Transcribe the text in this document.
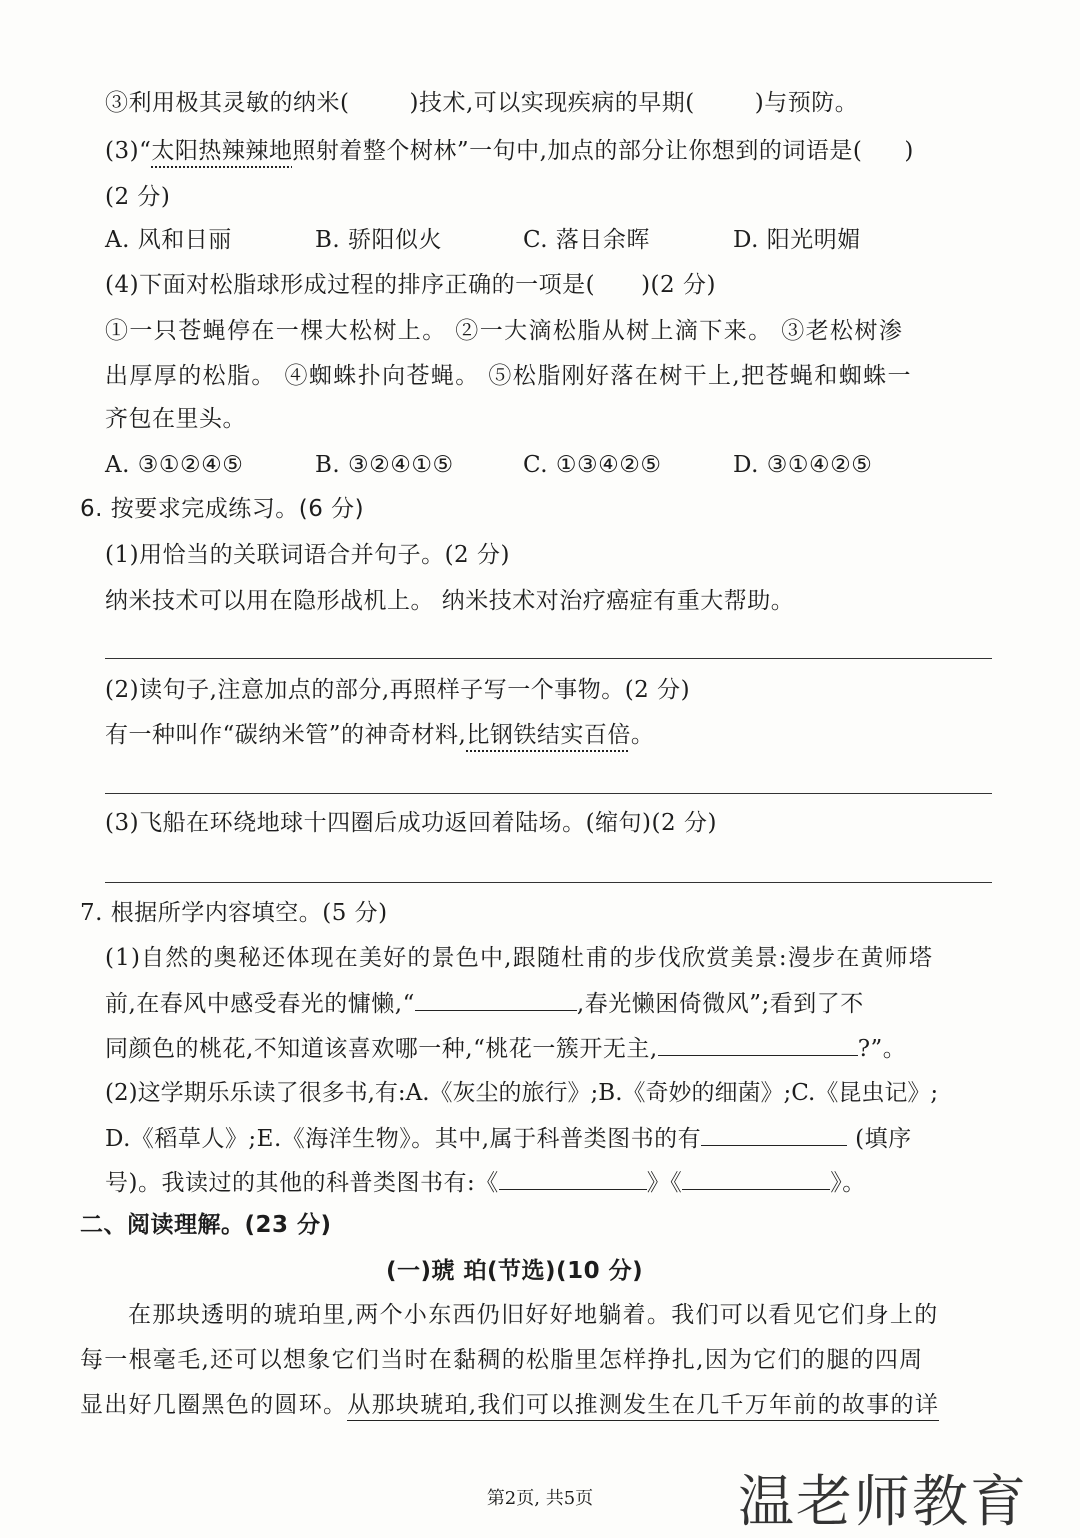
③利用极其灵敏的纳米(	)技术,可以实现疾病的早期(	)与预防。
(3)“太阳热辣辣地照射着整个树林”一句中,加点的部分让你想到的词语是( )
(2 分)
A. 风和日丽	B. 骄阳似火	C. 落日余晖	D. 阳光明媚
(4)下面对松脂球形成过程的排序正确的一项是( )(2 分)
①一只苍蝇停在一棵大松树上。 ②一大滴松脂从树上滴下来。 ③老松树渗
出厚厚的松脂。 ④蜘蛛扑向苍蝇。 ⑤松脂刚好落在树干上,把苍蝇和蜘蛛一
齐包在里头。
A. ③①②④⑤	B. ③②④①⑤	C. ①③④②⑤	D. ③①④②⑤
6. 按要求完成练习。(6 分)
(1)用恰当的关联词语合并句子。(2 分)
纳米技术可以用在隐形战机上。 纳米技术对治疗癌症有重大帮助。
(2)读句子,注意加点的部分,再照样子写一个事物。(2 分)
有一种叫作“碳纳米管”的神奇材料,比钢铁结实百倍。
(3)飞船在环绕地球十四圈后成功返回着陆场。(缩句)(2 分)
7. 根据所学内容填空。(5 分)
(1)自然的奥秘还体现在美好的景色中,跟随杜甫的步伐欣赏美景:漫步在黄师塔
前,在春风中感受春光的慵懒,“	,春光懒困倚微风”;看到了不
同颜色的桃花,不知道该喜欢哪一种,“桃花一簇开无主,	?”。
(2)这学期乐乐读了很多书,有:A.《灰尘的旅行》;B.《奇妙的细菌》;C.《昆虫记》;
D.《稻草人》;E.《海洋生物》。其中,属于科普类图书的有	(填序
号)。我读过的其他的科普类图书有:《	》《	》。
二、阅读理解。(23 分)
(一)琥 珀(节选)(10 分)
在那块透明的琥珀里,两个小东西仍旧好好地躺着。我们可以看见它们身上的
每一根毫毛,还可以想象它们当时在黏稠的松脂里怎样挣扎,因为它们的腿的四周
显出好几圈黑色的圆环。从那块琥珀,我们可以推测发生在几千万年前的故事的详
第2页, 共5页	温老师教育
